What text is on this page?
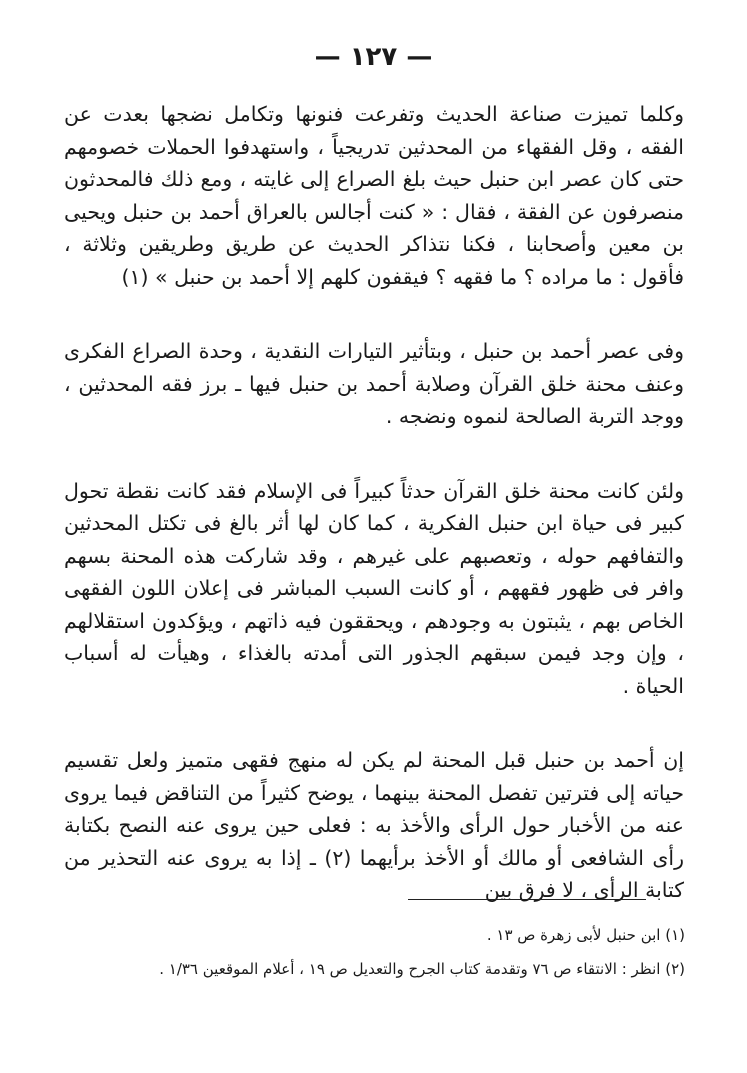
— ١٢٧ —

وكلما تميزت صناعة الحديث وتفرعت فنونها وتكامل نضجها بعدت عن الفقه ، وقل الفقهاء من المحدثين تدريجياً ، واستهدفوا الحملات خصومهم حتى كان عصر ابن حنبل حيث بلغ الصراع إلى غايته ، ومع ذلك فالمحدثون منصرفون عن الفقة ، فقال : « كنت أجالس بالعراق أحمد بن حنبل ويحيى بن معين وأصحابنا ، فكنا نتذاكر الحديث عن طريق وطريقين وثلاثة ، فأقول : ما مراده ؟ ما فقهه ؟ فيقفون كلهم إلا أحمد بن حنبل » (١)

وفى عصر أحمد بن حنبل ، وبتأثير التيارات النقدية ، وحدة الصراع الفكرى وعنف محنة خلق القرآن وصلابة أحمد بن حنبل فيها ـ برز فقه المحدثين ، ووجد التربة الصالحة لنموه ونضجه .

ولئن كانت محنة خلق القرآن حدثاً كبيراً فى الإسلام فقد كانت نقطة تحول كبير فى حياة ابن حنبل الفكرية ، كما كان لها أثر بالغ فى تكتل المحدثين والتفافهم حوله ، وتعصبهم على غيرهم ، وقد شاركت هذه المحنة بسهم وافر فى ظهور فقههم ، أو كانت السبب المباشر فى إعلان اللون الفقهى الخاص بهم ، يثبتون به وجودهم ، ويحققون فيه ذاتهم ، ويؤكدون استقلالهم ، وإن وجد فيمن سبقهم الجذور التى أمدته بالغذاء ، وهيأت له أسباب الحياة .

إن أحمد بن حنبل قبل المحنة لم يكن له منهج فقهى متميز ولعل تقسيم حياته إلى فترتين تفصل المحنة بينهما ، يوضح كثيراً من التناقض فيما يروى عنه من الأخبار حول الرأى والأخذ به : فعلى حين يروى عنه النصح بكتابة رأى الشافعى أو مالك أو الأخذ برأيهما (٢) ـ إذا به يروى عنه التحذير من كتابة الرأى ، لا فرق بين

(١) ابن حنبل لأبى زهرة ص ١٣ .

(٢) انظر : الانتقاء ص ٧٦ وتقدمة كتاب الجرح والتعديل ص ١٩ ، أعلام الموقعين ١/٣٦ .
